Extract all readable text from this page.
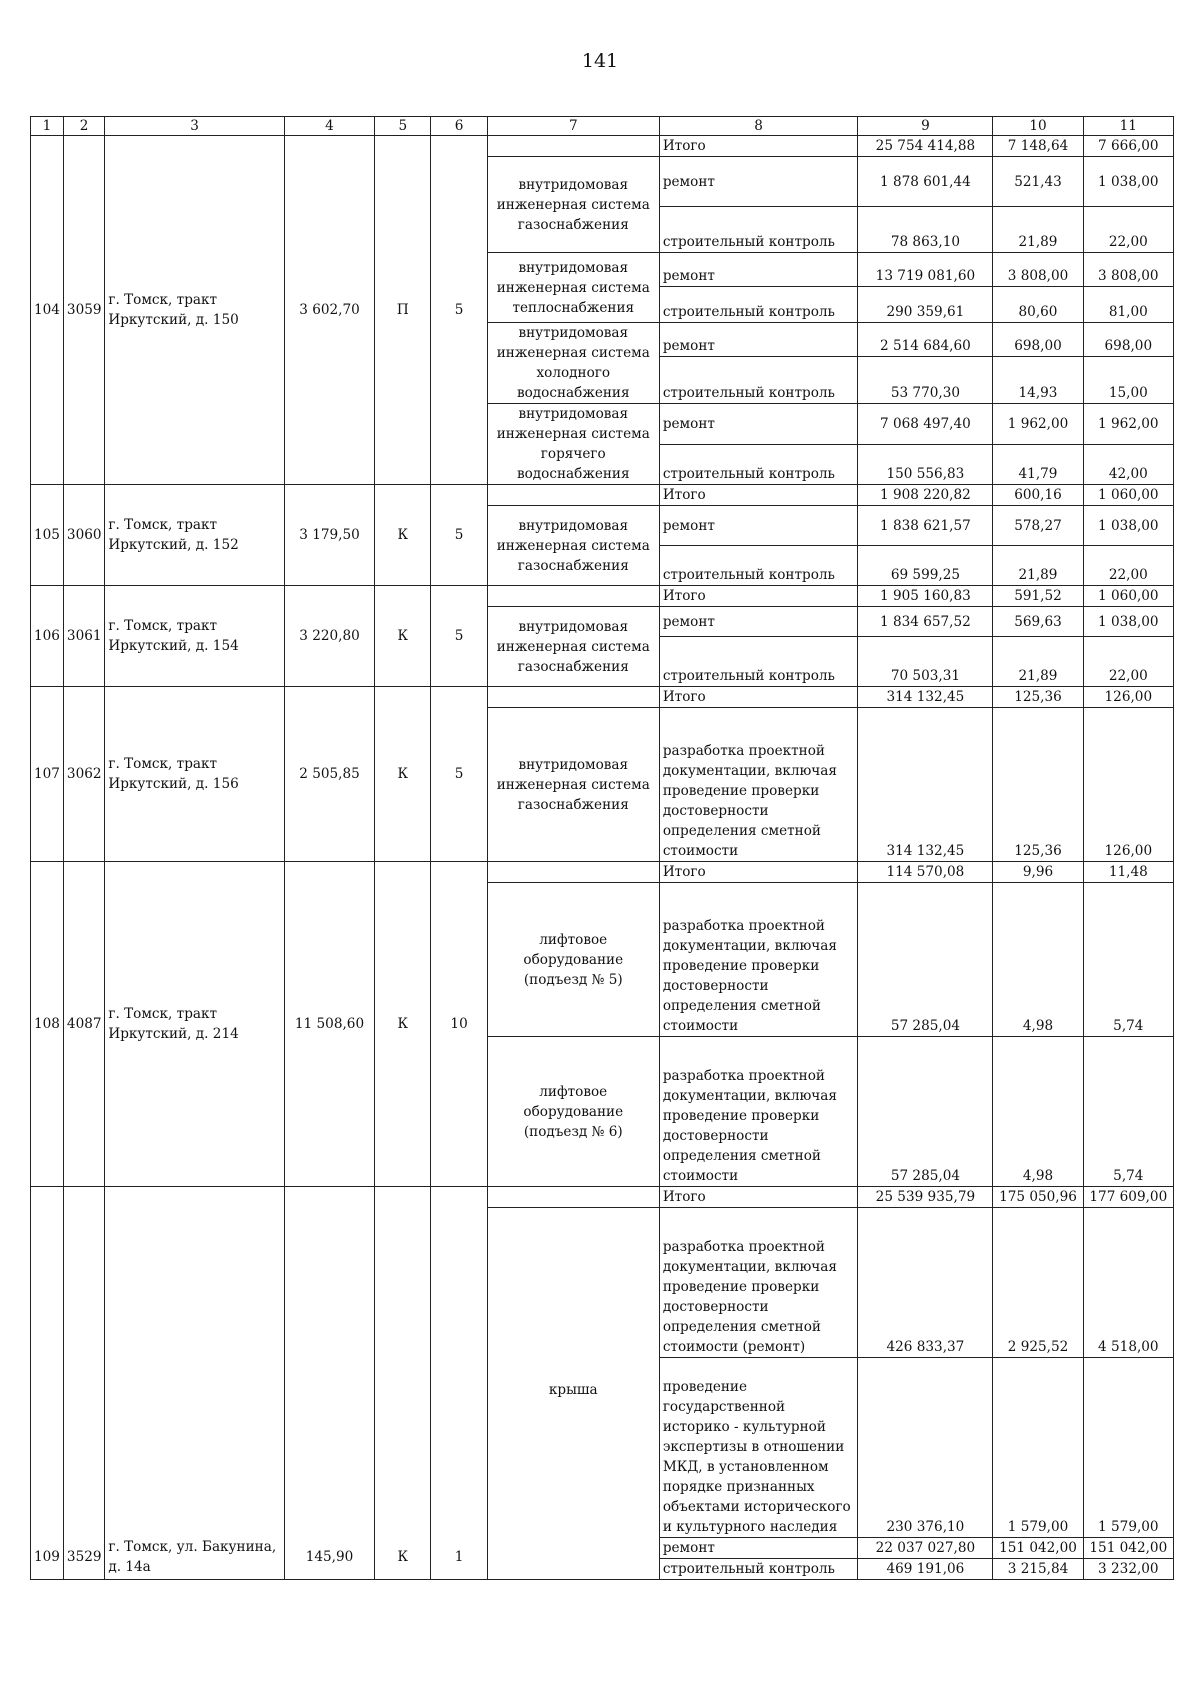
141
1	2	3	4	5	6	7	8	9	10	11
104	3059	г. Томск, тракт Иркутский, д. 150	3 602,70	П	5		Итого	25 754 414,88	7 148,64	7 666,00
						внутридомовая инженерная система газоснабжения	ремонт	1 878 601,44	521,43	1 038,00
							строительный контроль	78 863,10	21,89	22,00
						внутридомовая инженерная система теплоснабжения	ремонт	13 719 081,60	3 808,00	3 808,00
							строительный контроль	290 359,61	80,60	81,00
						внутридомовая инженерная система холодного водоснабжения	ремонт	2 514 684,60	698,00	698,00
							строительный контроль	53 770,30	14,93	15,00
						внутридомовая инженерная система горячего водоснабжения	ремонт	7 068 497,40	1 962,00	1 962,00
							строительный контроль	150 556,83	41,79	42,00
105	3060	г. Томск, тракт Иркутский, д. 152	3 179,50	К	5		Итого	1 908 220,82	600,16	1 060,00
						внутридомовая инженерная система газоснабжения	ремонт	1 838 621,57	578,27	1 038,00
							строительный контроль	69 599,25	21,89	22,00
106	3061	г. Томск, тракт Иркутский, д. 154	3 220,80	К	5		Итого	1 905 160,83	591,52	1 060,00
						внутридомовая инженерная система газоснабжения	ремонт	1 834 657,52	569,63	1 038,00
							строительный контроль	70 503,31	21,89	22,00
107	3062	г. Томск, тракт Иркутский, д. 156	2 505,85	К	5		Итого	314 132,45	125,36	126,00
						внутридомовая инженерная система газоснабжения	разработка проектной документации, включая проведение проверки достоверности определения сметной стоимости	314 132,45	125,36	126,00
108	4087	г. Томск, тракт Иркутский, д. 214	11 508,60	К	10		Итого	114 570,08	9,96	11,48
						лифтовое оборудование (подъезд № 5)	разработка проектной документации, включая проведение проверки достоверности определения сметной стоимости	57 285,04	4,98	5,74
						лифтовое оборудование (подъезд № 6)	разработка проектной документации, включая проведение проверки достоверности определения сметной стоимости	57 285,04	4,98	5,74
109	3529	г. Томск, ул. Бакунина, д. 14а	145,90	К	1		Итого	25 539 935,79	175 050,96	177 609,00
						крыша	разработка проектной документации, включая проведение проверки достоверности определения сметной стоимости (ремонт)	426 833,37	2 925,52	4 518,00
							проведение государственной историко - культурной экспертизы в отношении МКД, в установленном порядке признанных объектами исторического и культурного наследия	230 376,10	1 579,00	1 579,00
							ремонт	22 037 027,80	151 042,00	151 042,00
							строительный контроль	469 191,06	3 215,84	3 232,00
